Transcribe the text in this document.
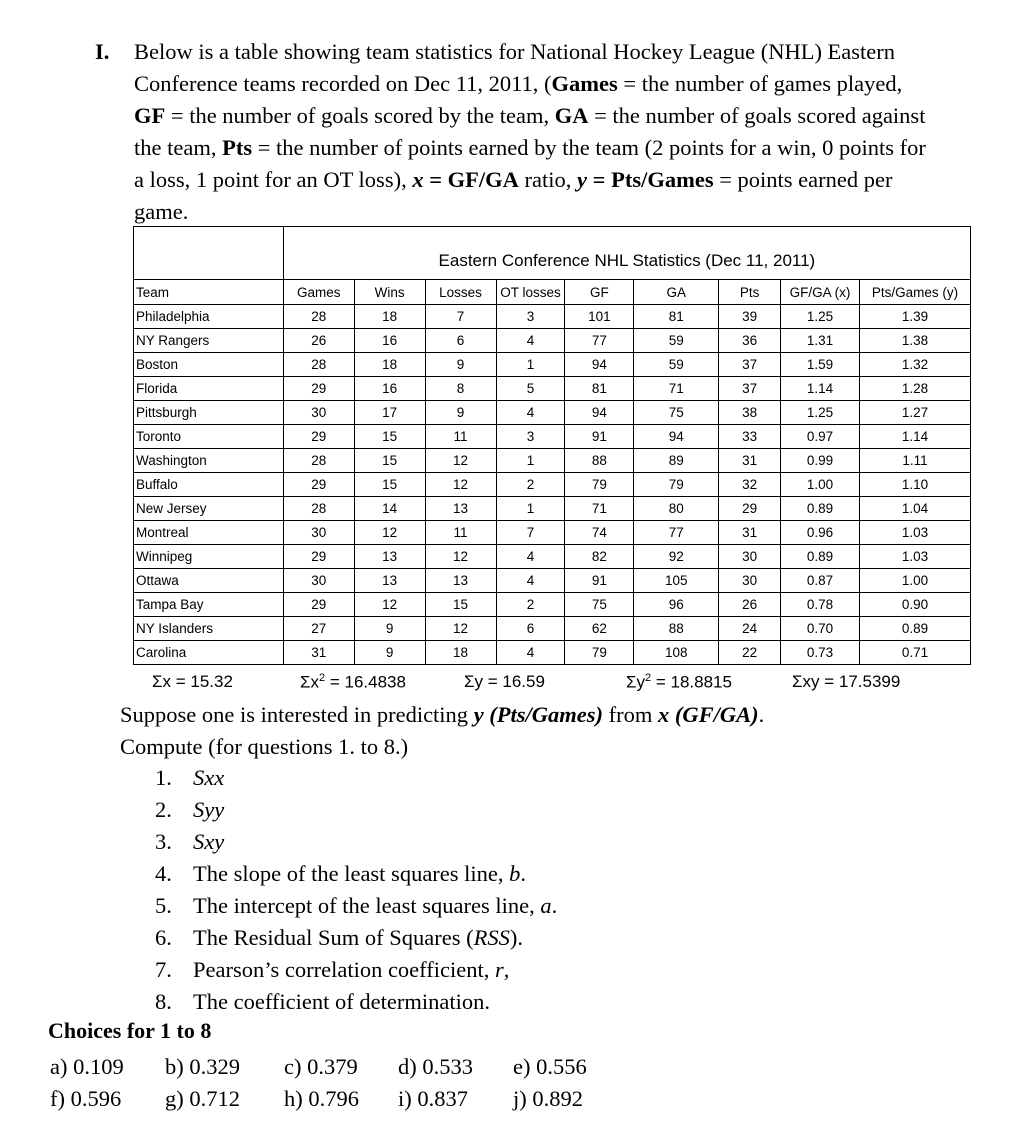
I. Below is a table showing team statistics for National Hockey League (NHL) Eastern
Conference teams recorded on Dec 11, 2011, (Games = the number of games played,
GF = the number of goals scored by the team, GA = the number of goals scored against
the team, Pts = the number of points earned by the team (2 points for a win, 0 points for
a loss, 1 point for an OT loss), x = GF/GA ratio, y = Pts/Games = points earned per
game.
	Eastern Conference NHL Statistics (Dec 11, 2011)								
Team	Games	Wins	Losses	OT losses	GF	GA	Pts	GF/GA (x)	Pts/Games (y)
Philadelphia	28	18	7	3	101	81	39	1.25	1.39
NY Rangers	26	16	6	4	77	59	36	1.31	1.38
Boston	28	18	9	1	94	59	37	1.59	1.32
Florida	29	16	8	5	81	71	37	1.14	1.28
Pittsburgh	30	17	9	4	94	75	38	1.25	1.27
Toronto	29	15	11	3	91	94	33	0.97	1.14
Washington	28	15	12	1	88	89	31	0.99	1.11
Buffalo	29	15	12	2	79	79	32	1.00	1.10
New Jersey	28	14	13	1	71	80	29	0.89	1.04
Montreal	30	12	11	7	74	77	31	0.96	1.03
Winnipeg	29	13	12	4	82	92	30	0.89	1.03
Ottawa	30	13	13	4	91	105	30	0.87	1.00
Tampa Bay	29	12	15	2	75	96	26	0.78	0.90
NY Islanders	27	9	12	6	62	88	24	0.70	0.89
Carolina	31	9	18	4	79	108	22	0.73	0.71
Σx = 15.32	$\Sigma x^2 = 16.4838$	Σy = 16.59	$\Sigma y^2 = 18.8815$	Σxy = 17.5399
Suppose one is interested in predicting y (Pts/Games) from x (GF/GA).
Compute (for questions 1. to 8.)
1. Sxx
2. Syy
3. Sxy
4. The slope of the least squares line, b.
5. The intercept of the least squares line, a.
6. The Residual Sum of Squares (RSS).
7. Pearson’s correlation coefficient, r,
8. The coefficient of determination.
Choices for 1 to 8
a) 0.109 b) 0.329 c) 0.379 d) 0.533 e) 0.556
f) 0.596 g) 0.712 h) 0.796 i) 0.837 j) 0.892
